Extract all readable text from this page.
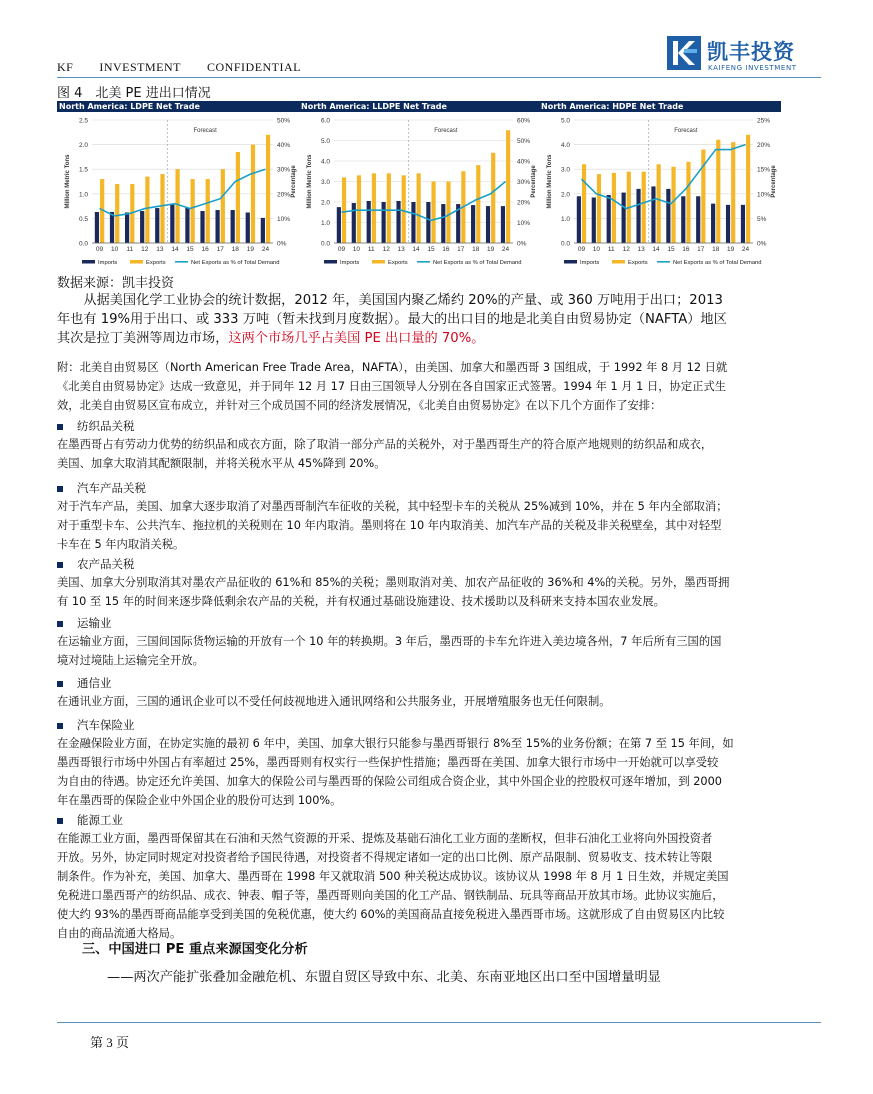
KF INVESTMENT CONFIDENTIAL
凯丰投资
KAIFENG INVESTMENT
图 4　北美 PE 进出口情况
North America: LDPE Net Trade
0.0
0.5
1.0
1.5
2.0
2.5
0%
10%
20%
30%
40%
50%
Million Metric Tons	Percentage
Forecast
09 10 11 12 13 14 15 16 17 18 19 24
Imports	Exports	Net Exports as % of Total Demand
North America: LLDPE Net Trade
0.0
1.0
2.0
3.0
4.0
5.0
6.0
0%
10%
20%
30%
40%
50%
60%
Million Metric Tons	Percentage
Forecast
09 10 11 12 13 14 15 16 17 18 19 24
Imports	Exports	Net Exports as % of Total Demand
North America: HDPE Net Trade
0.0
1.0
2.0
3.0
4.0
5.0
0%
5%
10%
15%
20%
25%
Million Metric Tons	Percentage
Forecast
09 10 11 12 13 14 15 16 17 18 19 24
Imports	Exports	Net Exports as % of Total Demand
数据来源：凯丰投资
　　从据美国化学工业协会的统计数据，2012 年，美国国内聚乙烯约 20%的产量、或 360 万吨用于出口；2013
年也有 19%用于出口、或 333 万吨（暂未找到月度数据）。最大的出口目的地是北美自由贸易协定（NAFTA）地区
其次是拉丁美洲等周边市场，这两个市场几乎占美国 PE 出口量的 70%。
附：北美自由贸易区（North American Free Trade Area，NAFTA），由美国、加拿大和墨西哥 3 国组成，于 1992 年 8 月 12 日就
《北美自由贸易协定》达成一致意见，并于同年 12 月 17 日由三国领导人分别在各自国家正式签署。1994 年 1 月 1 日，协定正式生
效，北美自由贸易区宣布成立，并针对三个成员国不同的经济发展情况，《北美自由贸易协定》在以下几个方面作了安排：
纺织品关税
在墨西哥占有劳动力优势的纺织品和成衣方面，除了取消一部分产品的关税外，对于墨西哥生产的符合原产地规则的纺织品和成衣，
美国、加拿大取消其配额限制，并将关税水平从 45%降到 20%。
汽车产品关税
对于汽车产品，美国、加拿大逐步取消了对墨西哥制汽车征收的关税，其中轻型卡车的关税从 25%减到 10%，并在 5 年内全部取消；
对于重型卡车、公共汽车、拖拉机的关税则在 10 年内取消。墨则将在 10 年内取消美、加汽车产品的关税及非关税壁垒，其中对轻型
卡车在 5 年内取消关税。
农产品关税
美国、加拿大分别取消其对墨农产品征收的 61%和 85%的关税；墨则取消对美、加农产品征收的 36%和 4%的关税。另外，墨西哥拥
有 10 至 15 年的时间来逐步降低剩余农产品的关税，并有权通过基础设施建设、技术援助以及科研来支持本国农业发展。
运输业
在运输业方面，三国间国际货物运输的开放有一个 10 年的转换期。3 年后，墨西哥的卡车允许进入美边境各州，7 年后所有三国的国
境对过境陆上运输完全开放。
通信业
在通讯业方面，三国的通讯企业可以不受任何歧视地进入通讯网络和公共服务业，开展增殖服务也无任何限制。
汽车保险业
在金融保险业方面，在协定实施的最初 6 年中，美国、加拿大银行只能参与墨西哥银行 8%至 15%的业务份额；在第 7 至 15 年间，如
墨西哥银行市场中外国占有率超过 25%，墨西哥则有权实行一些保护性措施；墨西哥在美国、加拿大银行市场中一开始就可以享受较
为自由的待遇。协定还允许美国、加拿大的保险公司与墨西哥的保险公司组成合资企业，其中外国企业的控股权可逐年增加，到 2000
年在墨西哥的保险企业中外国企业的股份可达到 100%。
能源工业
在能源工业方面，墨西哥保留其在石油和天然气资源的开采、提炼及基础石油化工业方面的垄断权，但非石油化工业将向外国投资者
开放。另外，协定同时规定对投资者给予国民待遇，对投资者不得规定诸如一定的出口比例、原产品限制、贸易收支、技术转让等限
制条件。作为补充，美国、加拿大、墨西哥在 1998 年又就取消 500 种关税达成协议。该协议从 1998 年 8 月 1 日生效，并规定美国
免税进口墨西哥产的纺织品、成衣、钟表、帽子等，墨西哥则向美国的化工产品、钢铁制品、玩具等商品开放其市场。此协议实施后，
使大约 93%的墨西哥商品能享受到美国的免税优惠，使大约 60%的美国商品直接免税进入墨西哥市场。这就形成了自由贸易区内比较
自由的商品流通大格局。
三、中国进口 PE 重点来源国变化分析
——两次产能扩张叠加金融危机、东盟自贸区导致中东、北美、东南亚地区出口至中国增量明显
第 3 页
